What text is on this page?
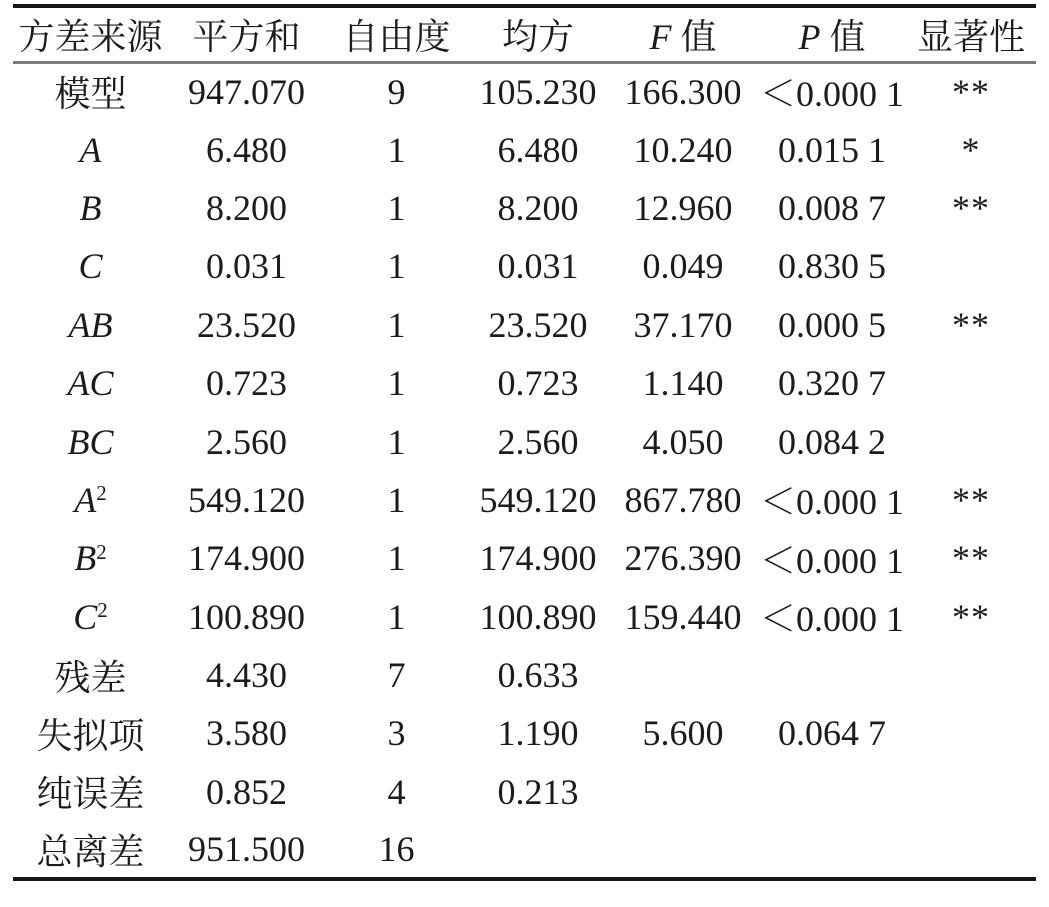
方差来源	平方和	自由度	均方	F 值	P 值	显著性
模型	947.070	9	105.230	166.300	＜0.000 1	**
A	6.480	1	6.480	10.240	0.015 1	*
B	8.200	1	8.200	12.960	0.008 7	**
C	0.031	1	0.031	0.049	0.830 5	
AB	23.520	1	23.520	37.170	0.000 5	**
AC	0.723	1	0.723	1.140	0.320 7	
BC	2.560	1	2.560	4.050	0.084 2	
$A^2$	549.120	1	549.120	867.780	＜0.000 1	**
$B^2$	174.900	1	174.900	276.390	＜0.000 1	**
$C^2$	100.890	1	100.890	159.440	＜0.000 1	**
残差	4.430	7	0.633			
失拟项	3.580	3	1.190	5.600	0.064 7	
纯误差	0.852	4	0.213			
总离差	951.500	16				
